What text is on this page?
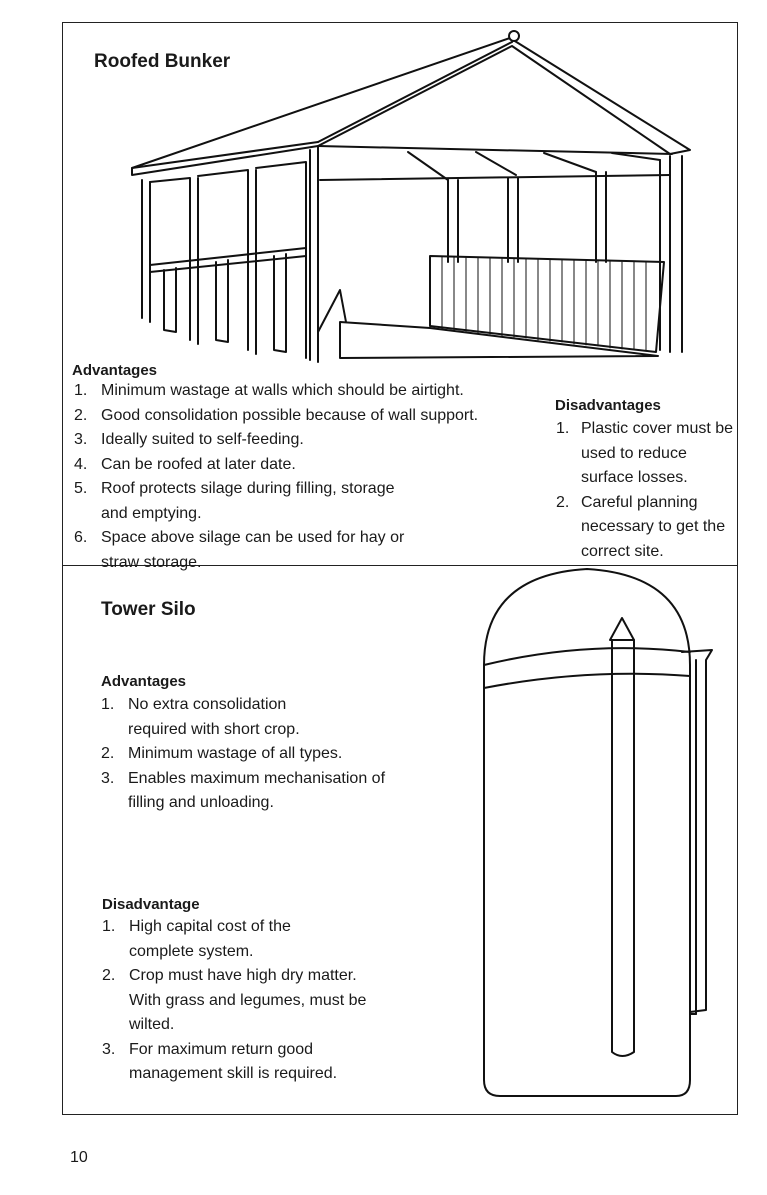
Roofed Bunker
Advantages
1. Minimum wastage at walls which should be airtight.
2. Good consolidation possible because of wall support.
3. Ideally suited to self-feeding.
4. Can be roofed at later date.
5. Roof protects silage during filling, storage and emptying.
6. Space above silage can be used for hay or straw storage.
Disadvantages
1. Plastic cover must be used to reduce surface losses.
2. Careful planning necessary to get the correct site.
Tower Silo
Advantages
1. No extra consolidation required with short crop.
2. Minimum wastage of all types.
3. Enables maximum mechanisation of filling and unloading.
Disadvantage
1. High capital cost of the complete system.
2. Crop must have high dry matter. With grass and legumes, must be wilted.
3. For maximum return good management skill is required.
10
